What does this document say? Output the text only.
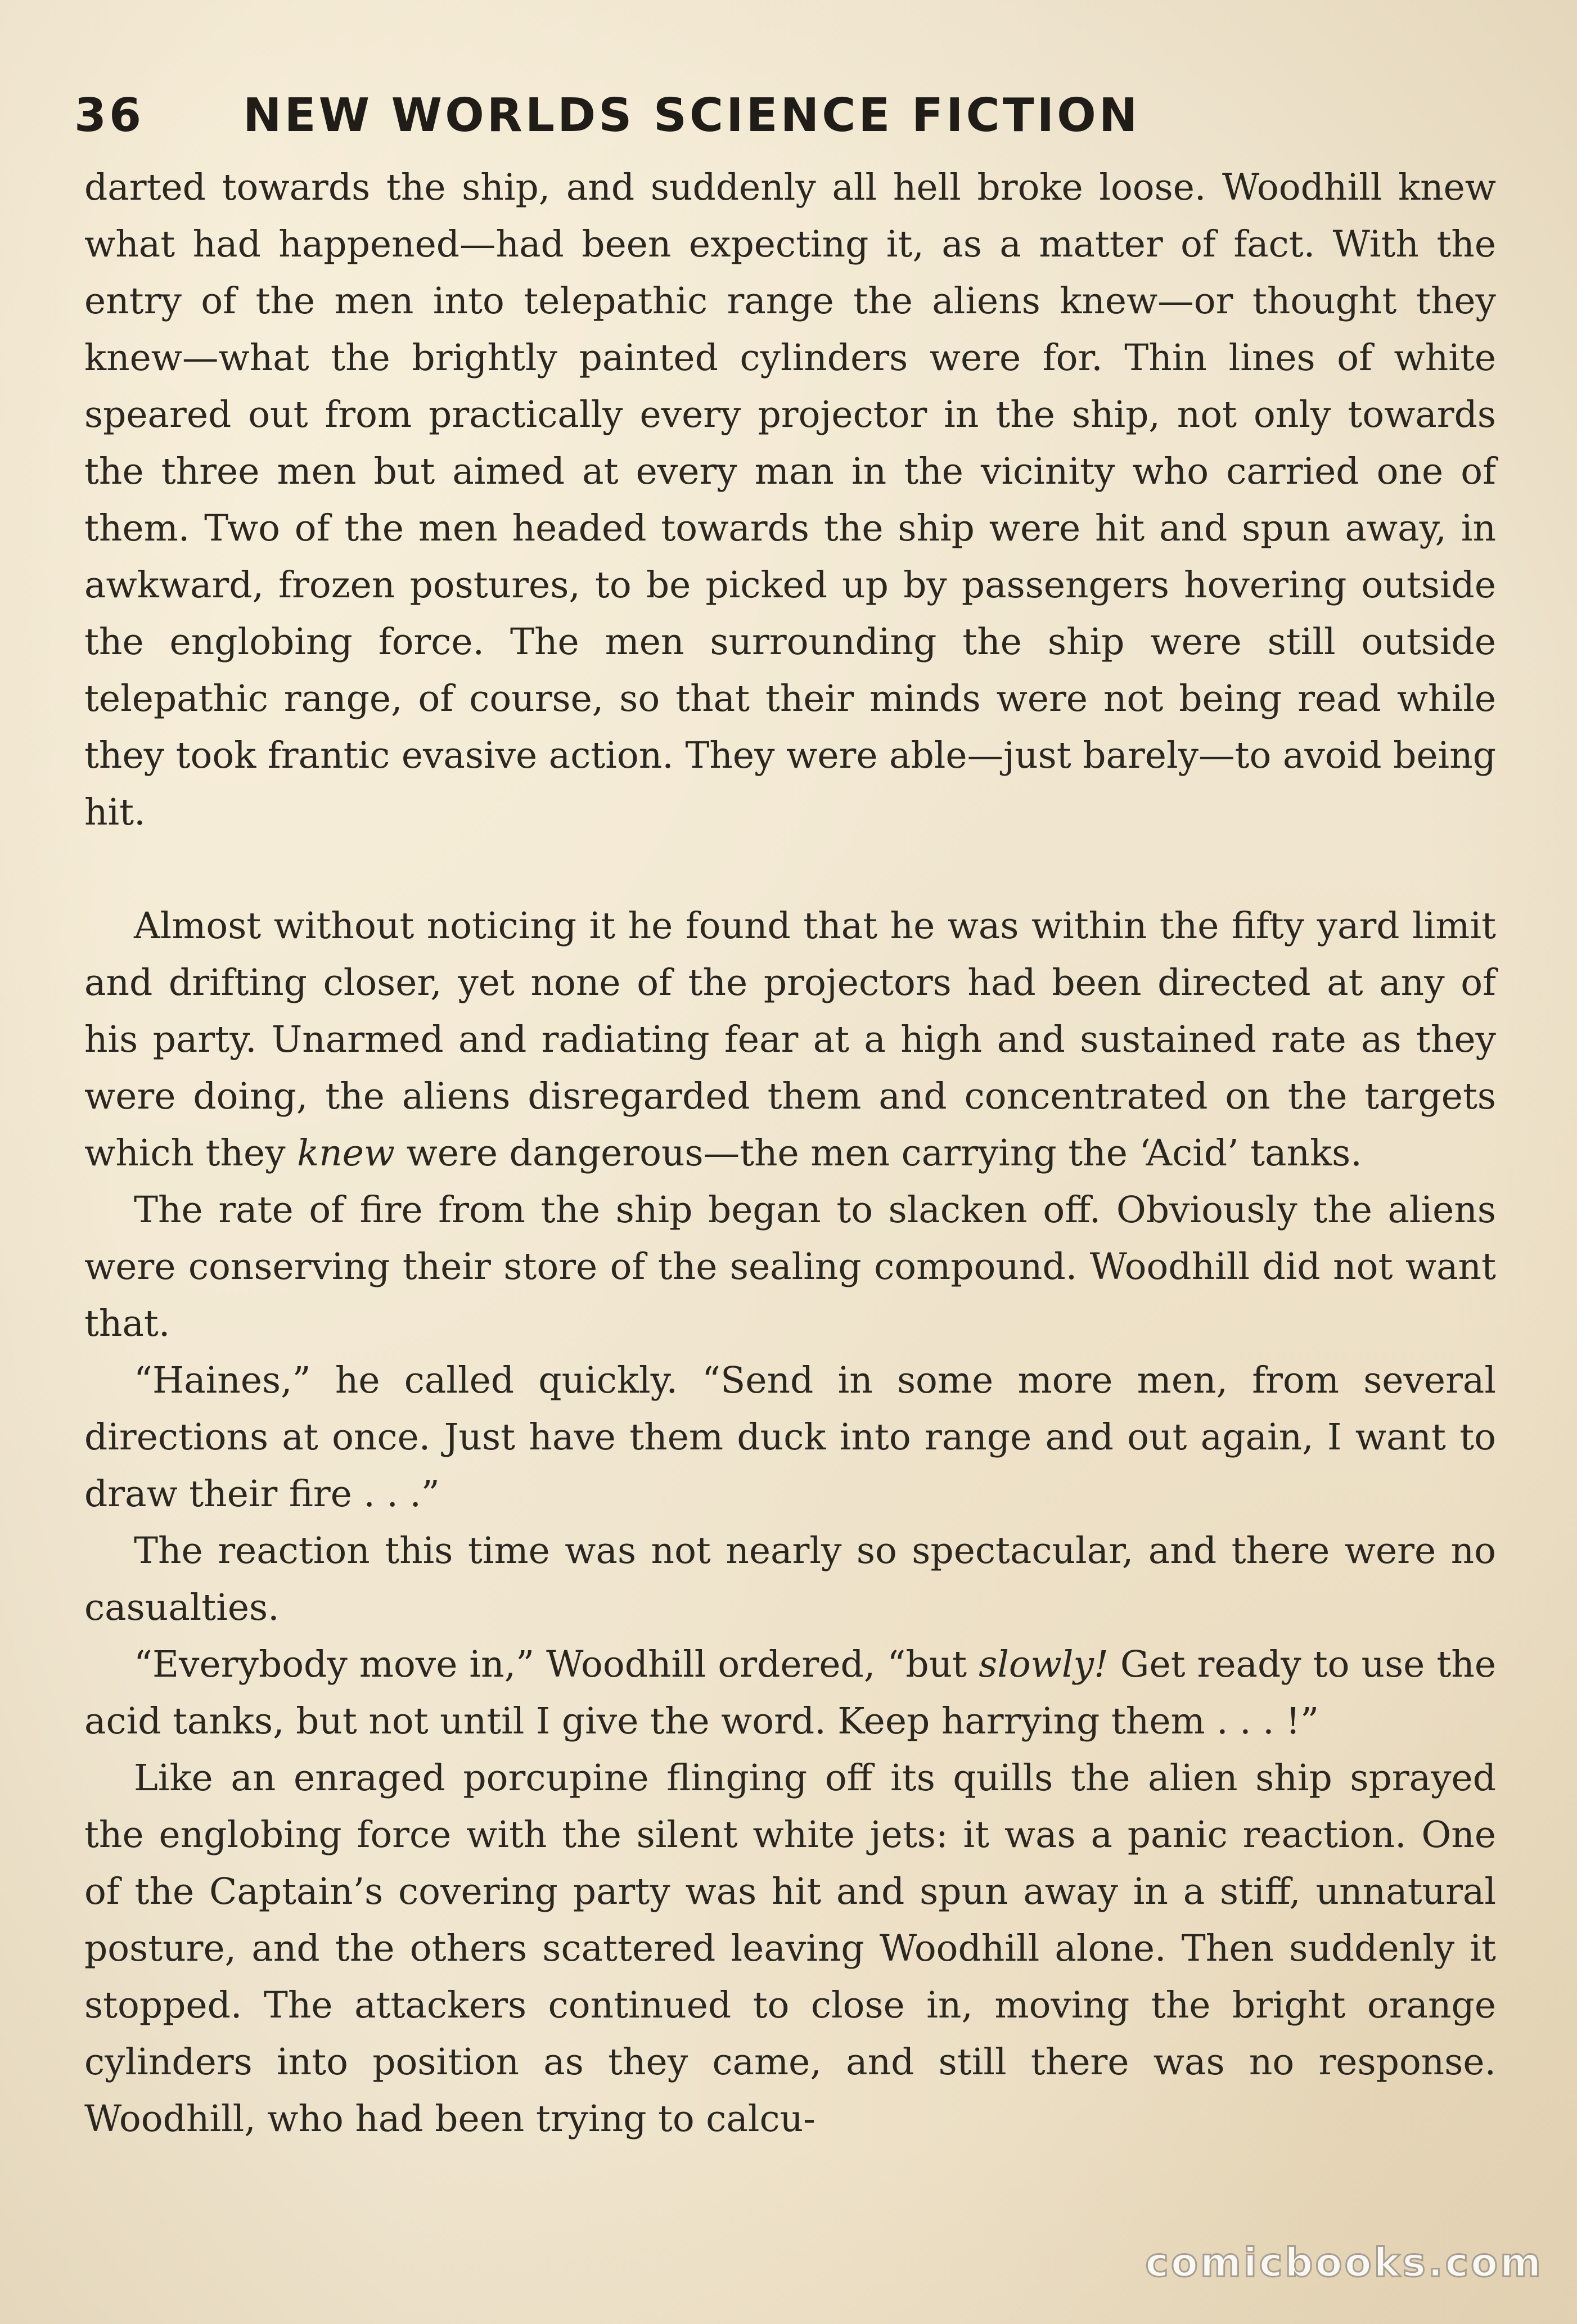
36	NEW WORLDS SCIENCE FICTION

darted towards the ship, and suddenly all hell broke loose. Woodhill knew what had happened—had been expecting it, as a matter of fact. With the entry of the men into telepathic range the aliens knew—or thought they knew—what the brightly painted cylinders were for. Thin lines of white speared out from practically every projector in the ship, not only towards the three men but aimed at every man in the vicinity who carried one of them. Two of the men headed towards the ship were hit and spun away, in awkward, frozen postures, to be picked up by passengers hovering outside the englobing force. The men surrounding the ship were still outside telepathic range, of course, so that their minds were not being read while they took frantic evasive action. They were able—just barely—to avoid being hit.

Almost without noticing it he found that he was within the fifty yard limit and drifting closer, yet none of the projectors had been directed at any of his party. Unarmed and radiating fear at a high and sustained rate as they were doing, the aliens disregarded them and concentrated on the targets which they knew were dangerous—the men carrying the ‘Acid’ tanks.

The rate of fire from the ship began to slacken off. Obviously the aliens were conserving their store of the sealing compound. Woodhill did not want that.

“Haines,” he called quickly. “Send in some more men, from several directions at once. Just have them duck into range and out again, I want to draw their fire . . .”

The reaction this time was not nearly so spectacular, and there were no casualties.

“Everybody move in,” Woodhill ordered, “but slowly! Get ready to use the acid tanks, but not until I give the word. Keep harrying them . . . !”

Like an enraged porcupine flinging off its quills the alien ship sprayed the englobing force with the silent white jets: it was a panic reaction. One of the Captain’s covering party was hit and spun away in a stiff, unnatural posture, and the others scattered leaving Woodhill alone. Then suddenly it stopped. The attackers continued to close in, moving the bright orange cylinders into position as they came, and still there was no response. Woodhill, who had been trying to calcu-

comicbooks.com
